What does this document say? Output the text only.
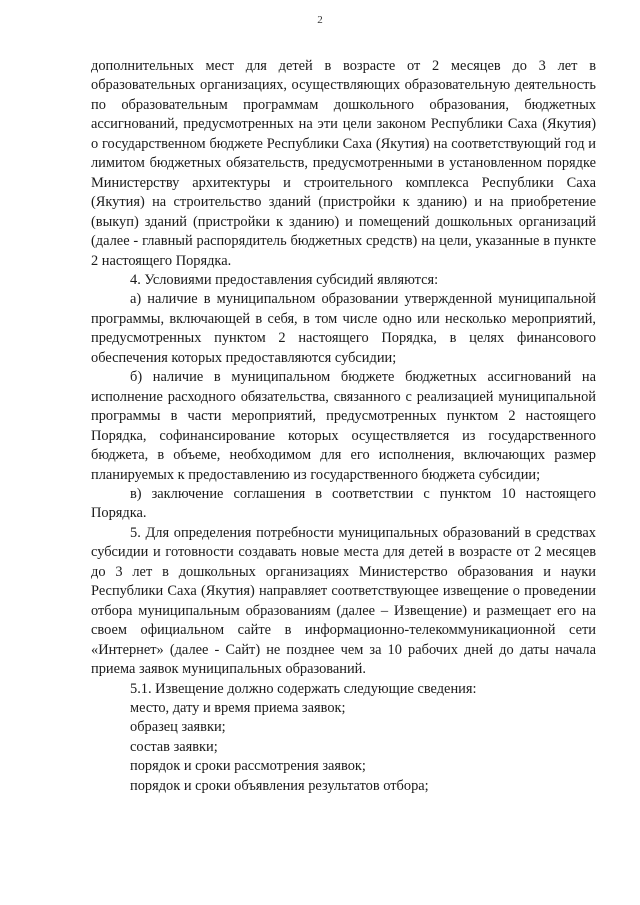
2

дополнительных мест для детей в возрасте от 2 месяцев до 3 лет в образовательных организациях, осуществляющих образовательную деятельность по образовательным программам дошкольного образования, бюджетных ассигнований, предусмотренных на эти цели законом Республики Саха (Якутия) о государственном бюджете Республики Саха (Якутия) на соответствующий год и лимитом бюджетных обязательств, предусмотренными в установленном порядке Министерству архитектуры и строительного комплекса Республики Саха (Якутия) на строительство зданий (пристройки к зданию) и на приобретение (выкуп) зданий (пристройки к зданию) и помещений дошкольных организаций (далее - главный распорядитель бюджетных средств) на цели, указанные в пункте 2 настоящего Порядка.

4. Условиями предоставления субсидий являются:

а) наличие в муниципальном образовании утвержденной муниципальной программы, включающей в себя, в том числе одно или несколько мероприятий, предусмотренных пунктом 2 настоящего Порядка, в целях финансового обеспечения которых предоставляются субсидии;

б) наличие в муниципальном бюджете бюджетных ассигнований на исполнение расходного обязательства, связанного с реализацией муниципальной программы в части мероприятий, предусмотренных пунктом 2 настоящего Порядка, софинансирование которых осуществляется из государственного бюджета, в объеме, необходимом для его исполнения, включающих размер планируемых к предоставлению из государственного бюджета субсидии;

в) заключение соглашения в соответствии с пунктом 10 настоящего Порядка.

5. Для определения потребности муниципальных образований в средствах субсидии и готовности создавать новые места для детей в возрасте от 2 месяцев до 3 лет в дошкольных организациях Министерство образования и науки Республики Саха (Якутия) направляет соответствующее извещение о проведении отбора муниципальным образованиям (далее – Извещение) и размещает его на своем официальном сайте в информационно-телекоммуникационной сети «Интернет» (далее - Сайт) не позднее чем за 10 рабочих дней до даты начала приема заявок муниципальных образований.

5.1. Извещение должно содержать следующие сведения:

место, дату и время приема заявок;

образец заявки;

состав заявки;

порядок и сроки рассмотрения заявок;

порядок и сроки объявления результатов отбора;
